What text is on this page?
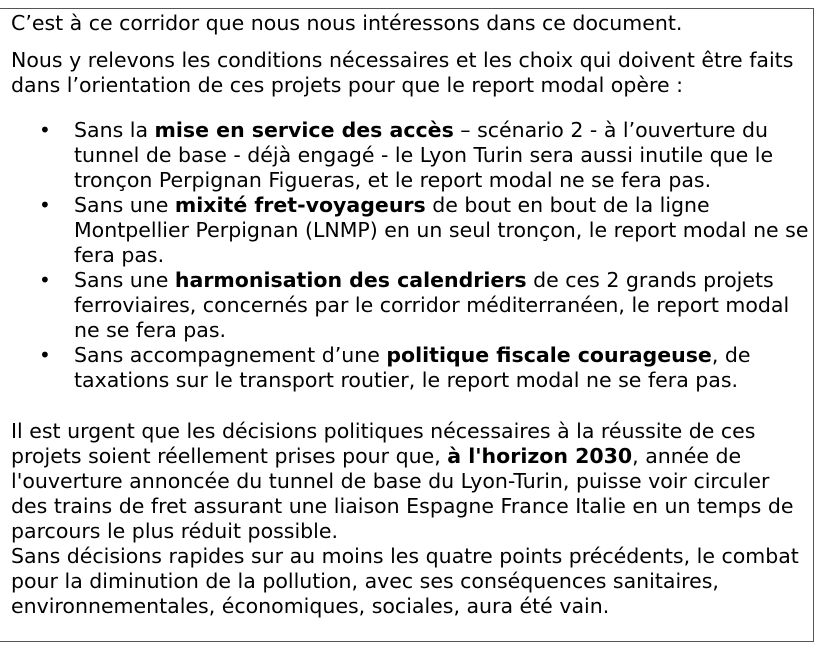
C’est à ce corridor que nous nous intéressons dans ce document.

Nous y relevons les conditions nécessaires et les choix qui doivent être faits dans l’orientation de ces projets pour que le report modal opère :

• Sans la mise en service des accès – scénario 2 - à l’ouverture du tunnel de base - déjà engagé - le Lyon Turin sera aussi inutile que le tronçon Perpignan Figueras, et le report modal ne se fera pas.
• Sans une mixité fret-voyageurs de bout en bout de la ligne Montpellier Perpignan (LNMP) en un seul tronçon, le report modal ne se fera pas.
• Sans une harmonisation des calendriers de ces 2 grands projets ferroviaires, concernés par le corridor méditerranéen, le report modal ne se fera pas.
• Sans accompagnement d’une politique fiscale courageuse, de taxations sur le transport routier, le report modal ne se fera pas.

Il est urgent que les décisions politiques nécessaires à la réussite de ces projets soient réellement prises pour que, à l'horizon 2030, année de l'ouverture annoncée du tunnel de base du Lyon-Turin, puisse voir circuler des trains de fret assurant une liaison Espagne France Italie en un temps de parcours le plus réduit possible.

Sans décisions rapides sur au moins les quatre points précédents, le combat pour la diminution de la pollution, avec ses conséquences sanitaires, environnementales, économiques, sociales, aura été vain.
